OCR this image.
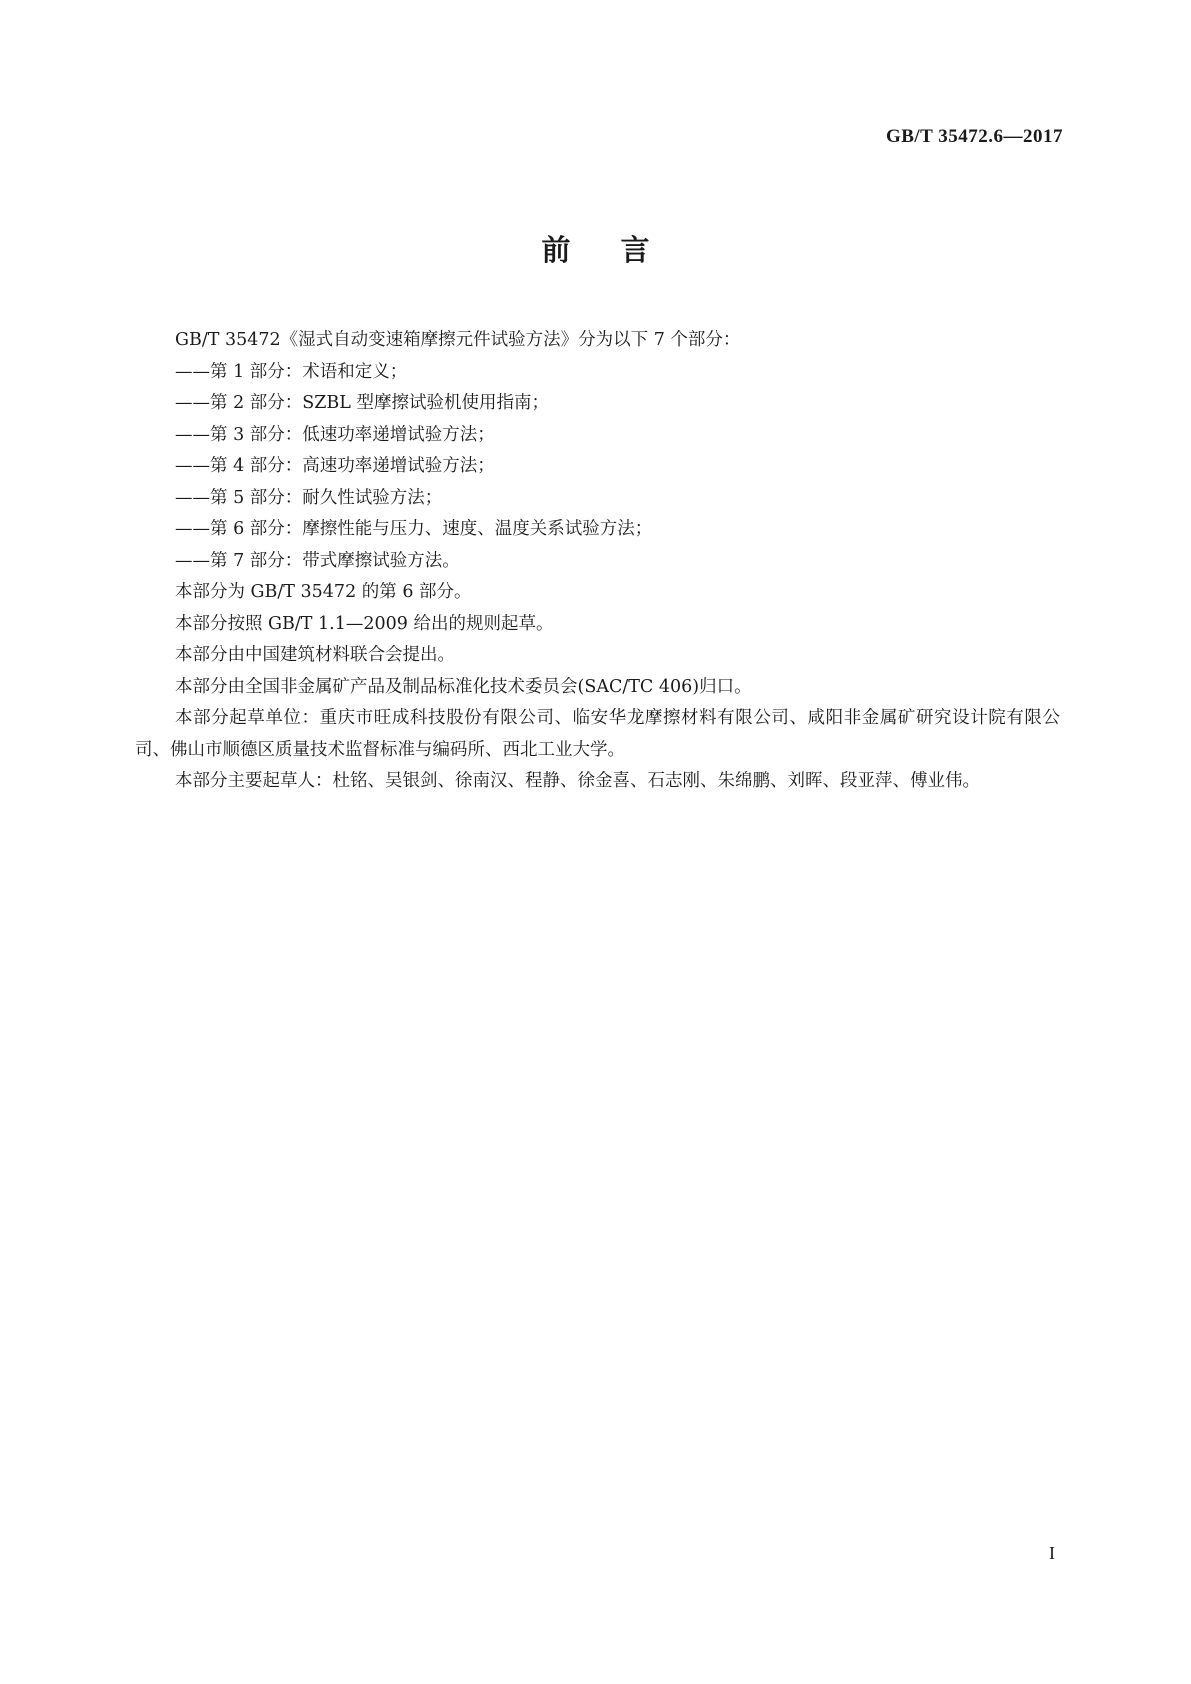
GB/T 35472.6—2017
前言

GB/T 35472《湿式自动变速箱摩擦元件试验方法》分为以下 7 个部分：

——第 1 部分：术语和定义；

——第 2 部分：SZBL 型摩擦试验机使用指南；

——第 3 部分：低速功率递增试验方法；

——第 4 部分：高速功率递增试验方法；

——第 5 部分：耐久性试验方法；

——第 6 部分：摩擦性能与压力、速度、温度关系试验方法；

——第 7 部分：带式摩擦试验方法。

本部分为 GB/T 35472 的第 6 部分。

本部分按照 GB/T 1.1—2009 给出的规则起草。

本部分由中国建筑材料联合会提出。

本部分由全国非金属矿产品及制品标准化技术委员会(SAC/TC 406)归口。

本部分起草单位：重庆市旺成科技股份有限公司、临安华龙摩擦材料有限公司、咸阳非金属矿研究设计院有限公司、佛山市顺德区质量技术监督标准与编码所、西北工业大学。

本部分主要起草人：杜铭、吴银剑、徐南汉、程静、徐金喜、石志刚、朱绵鹏、刘晖、段亚萍、傅业伟。

I
